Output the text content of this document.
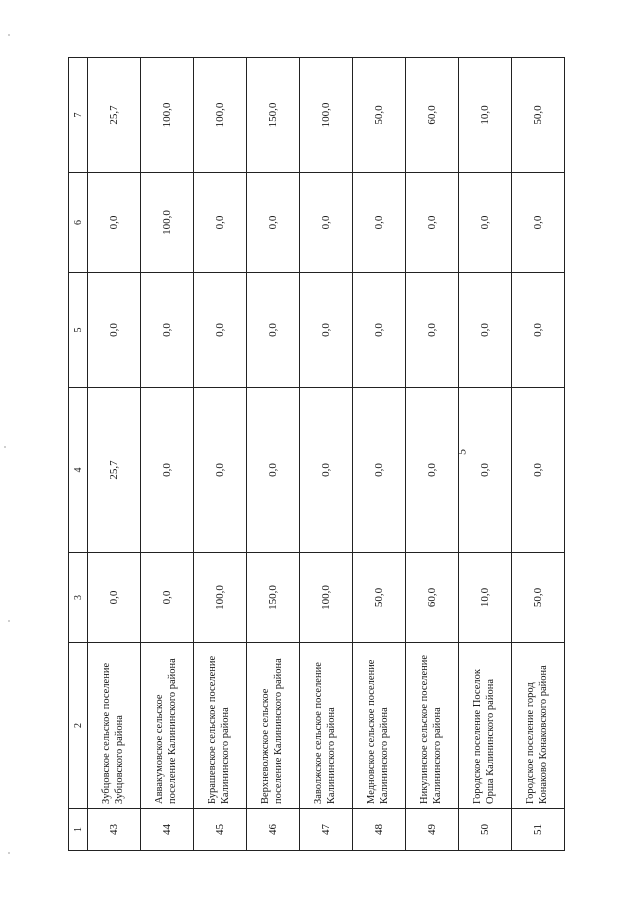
5
1	2	3	4	5	6	7
43	Зубцовское сельское поселение Зубцовского района	0,0	25,7	0,0	0,0	25,7
44	Аввакумовское сельское поселение Калининского района	0,0	0,0	0,0	100,0	100,0
45	Бурашевское сельское поселение Калининского района	100,0	0,0	0,0	0,0	100,0
46	Верхневолжское сельское поселение Калининского района	150,0	0,0	0,0	0,0	150,0
47	Заволжское сельское поселение Калининского района	100,0	0,0	0,0	0,0	100,0
48	Медновское сельское поселение Калининского района	50,0	0,0	0,0	0,0	50,0
49	Никулинское сельское поселение Калининского района	60,0	0,0	0,0	0,0	60,0
50	Городское поселение Поселок Орша Калининского района	10,0	0,0	0,0	0,0	10,0
51	Городское поселение город Конаково Конаковского района	50,0	0,0	0,0	0,0	50,0
